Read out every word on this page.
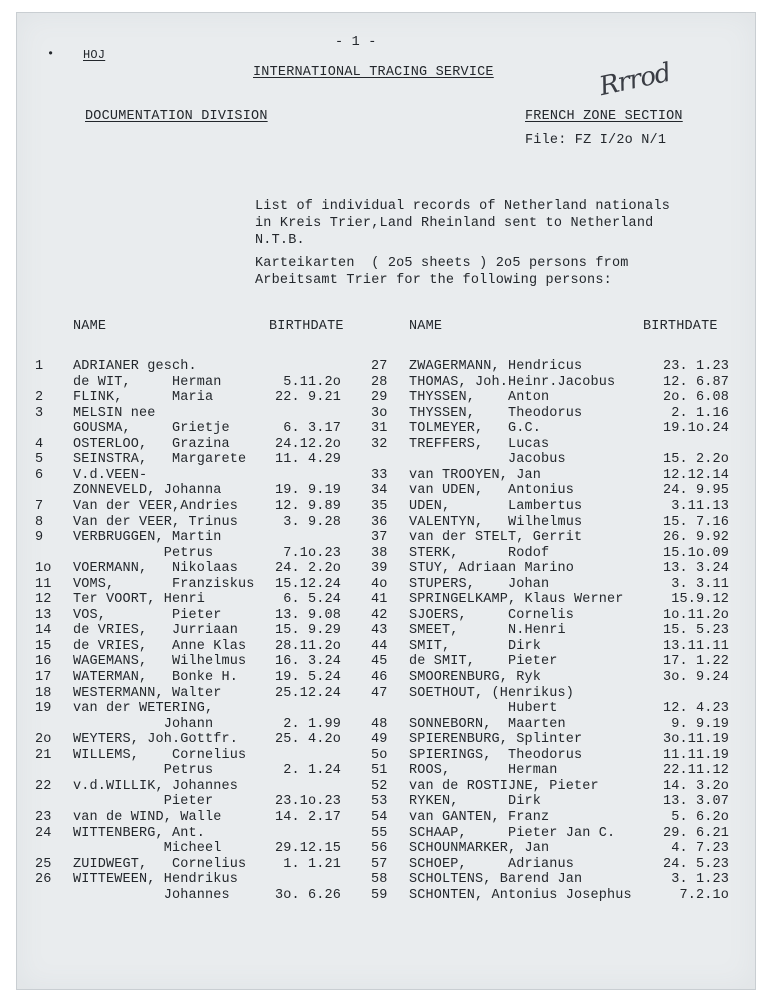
- 1 -
• HOJ
INTERNATIONAL TRACING SERVICE	Rrrod
DOCUMENTATION DIVISION	FRENCH ZONE SECTION
File: FZ I/2o N/1
List of individual records of Netherland nationals
in Kreis Trier,Land Rheinland sent to Netherland
N.T.B.
Karteikarten  ( 2o5 sheets ) 2o5 persons from
Arbeitsamt Trier for the following persons:
NAME	BIRTHDATE	NAME	BIRTHDATE
1 ADRIANER gesch.
de WIT,     Herman	5.11.2o
2 FLINK,      Maria	22. 9.21
3 MELSIN nee
GOUSMA,     Grietje	6. 3.17
4 OSTERLOO,   Grazina	24.12.2o
5 SEINSTRA,   Margarete	11. 4.29
6 V.d.VEEN-
ZONNEVELD, Johanna	19. 9.19
7 Van der VEER,Andries	12. 9.89
8 Van der VEER, Trinus	3. 9.28
9 VERBRUGGEN, Martin
Petrus	7.1o.23
1o VOERMANN,   Nikolaas	24. 2.2o
11 VOMS,       Franziskus	15.12.24
12 Ter VOORT, Henri	6. 5.24
13 VOS,        Pieter	13. 9.08
14 de VRIES,   Jurriaan	15. 9.29
15 de VRIES,   Anne Klas	28.11.2o
16 WAGEMANS,   Wilhelmus	16. 3.24
17 WATERMAN,   Bonke H.	19. 5.24
18 WESTERMANN, Walter	25.12.24
19 van der WETERING,
Johann	2. 1.99
2o WEYTERS, Joh.Gottfr.	25. 4.2o
21 WILLEMS,    Cornelius
Petrus	2. 1.24
22 v.d.WILLIK, Johannes
Pieter	23.1o.23
23 van de WIND, Walle	14. 2.17
24 WITTENBERG, Ant.
Micheel	29.12.15
25 ZUIDWEGT,   Cornelius	1. 1.21
26 WITTEWEEN, Hendrikus
Johannes	3o. 6.26
27 ZWAGERMANN, Hendricus	23. 1.23
28 THOMAS, Joh.Heinr.Jacobus	12. 6.87
29 THYSSEN,    Anton	2o. 6.08
3o THYSSEN,    Theodorus	2. 1.16
31 TOLMEYER,   G.C.	19.1o.24
32 TREFFERS,   Lucas
Jacobus	15. 2.2o
33 van TROOYEN, Jan	12.12.14
34 van UDEN,   Antonius	24. 9.95
35 UDEN,       Lambertus	3.11.13
36 VALENTYN,   Wilhelmus	15. 7.16
37 van der STELT, Gerrit	26. 9.92
38 STERK,      Rodof	15.1o.09
39 STUY, Adriaan Marino	13. 3.24
4o STUPERS,    Johan	3. 3.11
41 SPRINGELKAMP, Klaus Werner	15.9.12
42 SJOERS,     Cornelis	1o.11.2o
43 SMEET,      N.Henri	15. 5.23
44 SMIT,       Dirk	13.11.11
45 de SMIT,    Pieter	17. 1.22
46 SMOORENBURG, Ryk	3o. 9.24
47 SOETHOUT, (Henrikus)
Hubert	12. 4.23
48 SONNEBORN,  Maarten	9. 9.19
49 SPIERENBURG, Splinter	3o.11.19
5o SPIERINGS,  Theodorus	11.11.19
51 ROOS,       Herman	22.11.12
52 van de ROSTIJNE, Pieter	14. 3.2o
53 RYKEN,      Dirk	13. 3.07
54 van GANTEN, Franz	5. 6.2o
55 SCHAAP,     Pieter Jan C.	29. 6.21
56 SCHOUNMARKER, Jan	4. 7.23
57 SCHOEP,     Adrianus	24. 5.23
58 SCHOLTENS, Barend Jan	3. 1.23
59 SCHONTEN, Antonius Josephus	7.2.1o
